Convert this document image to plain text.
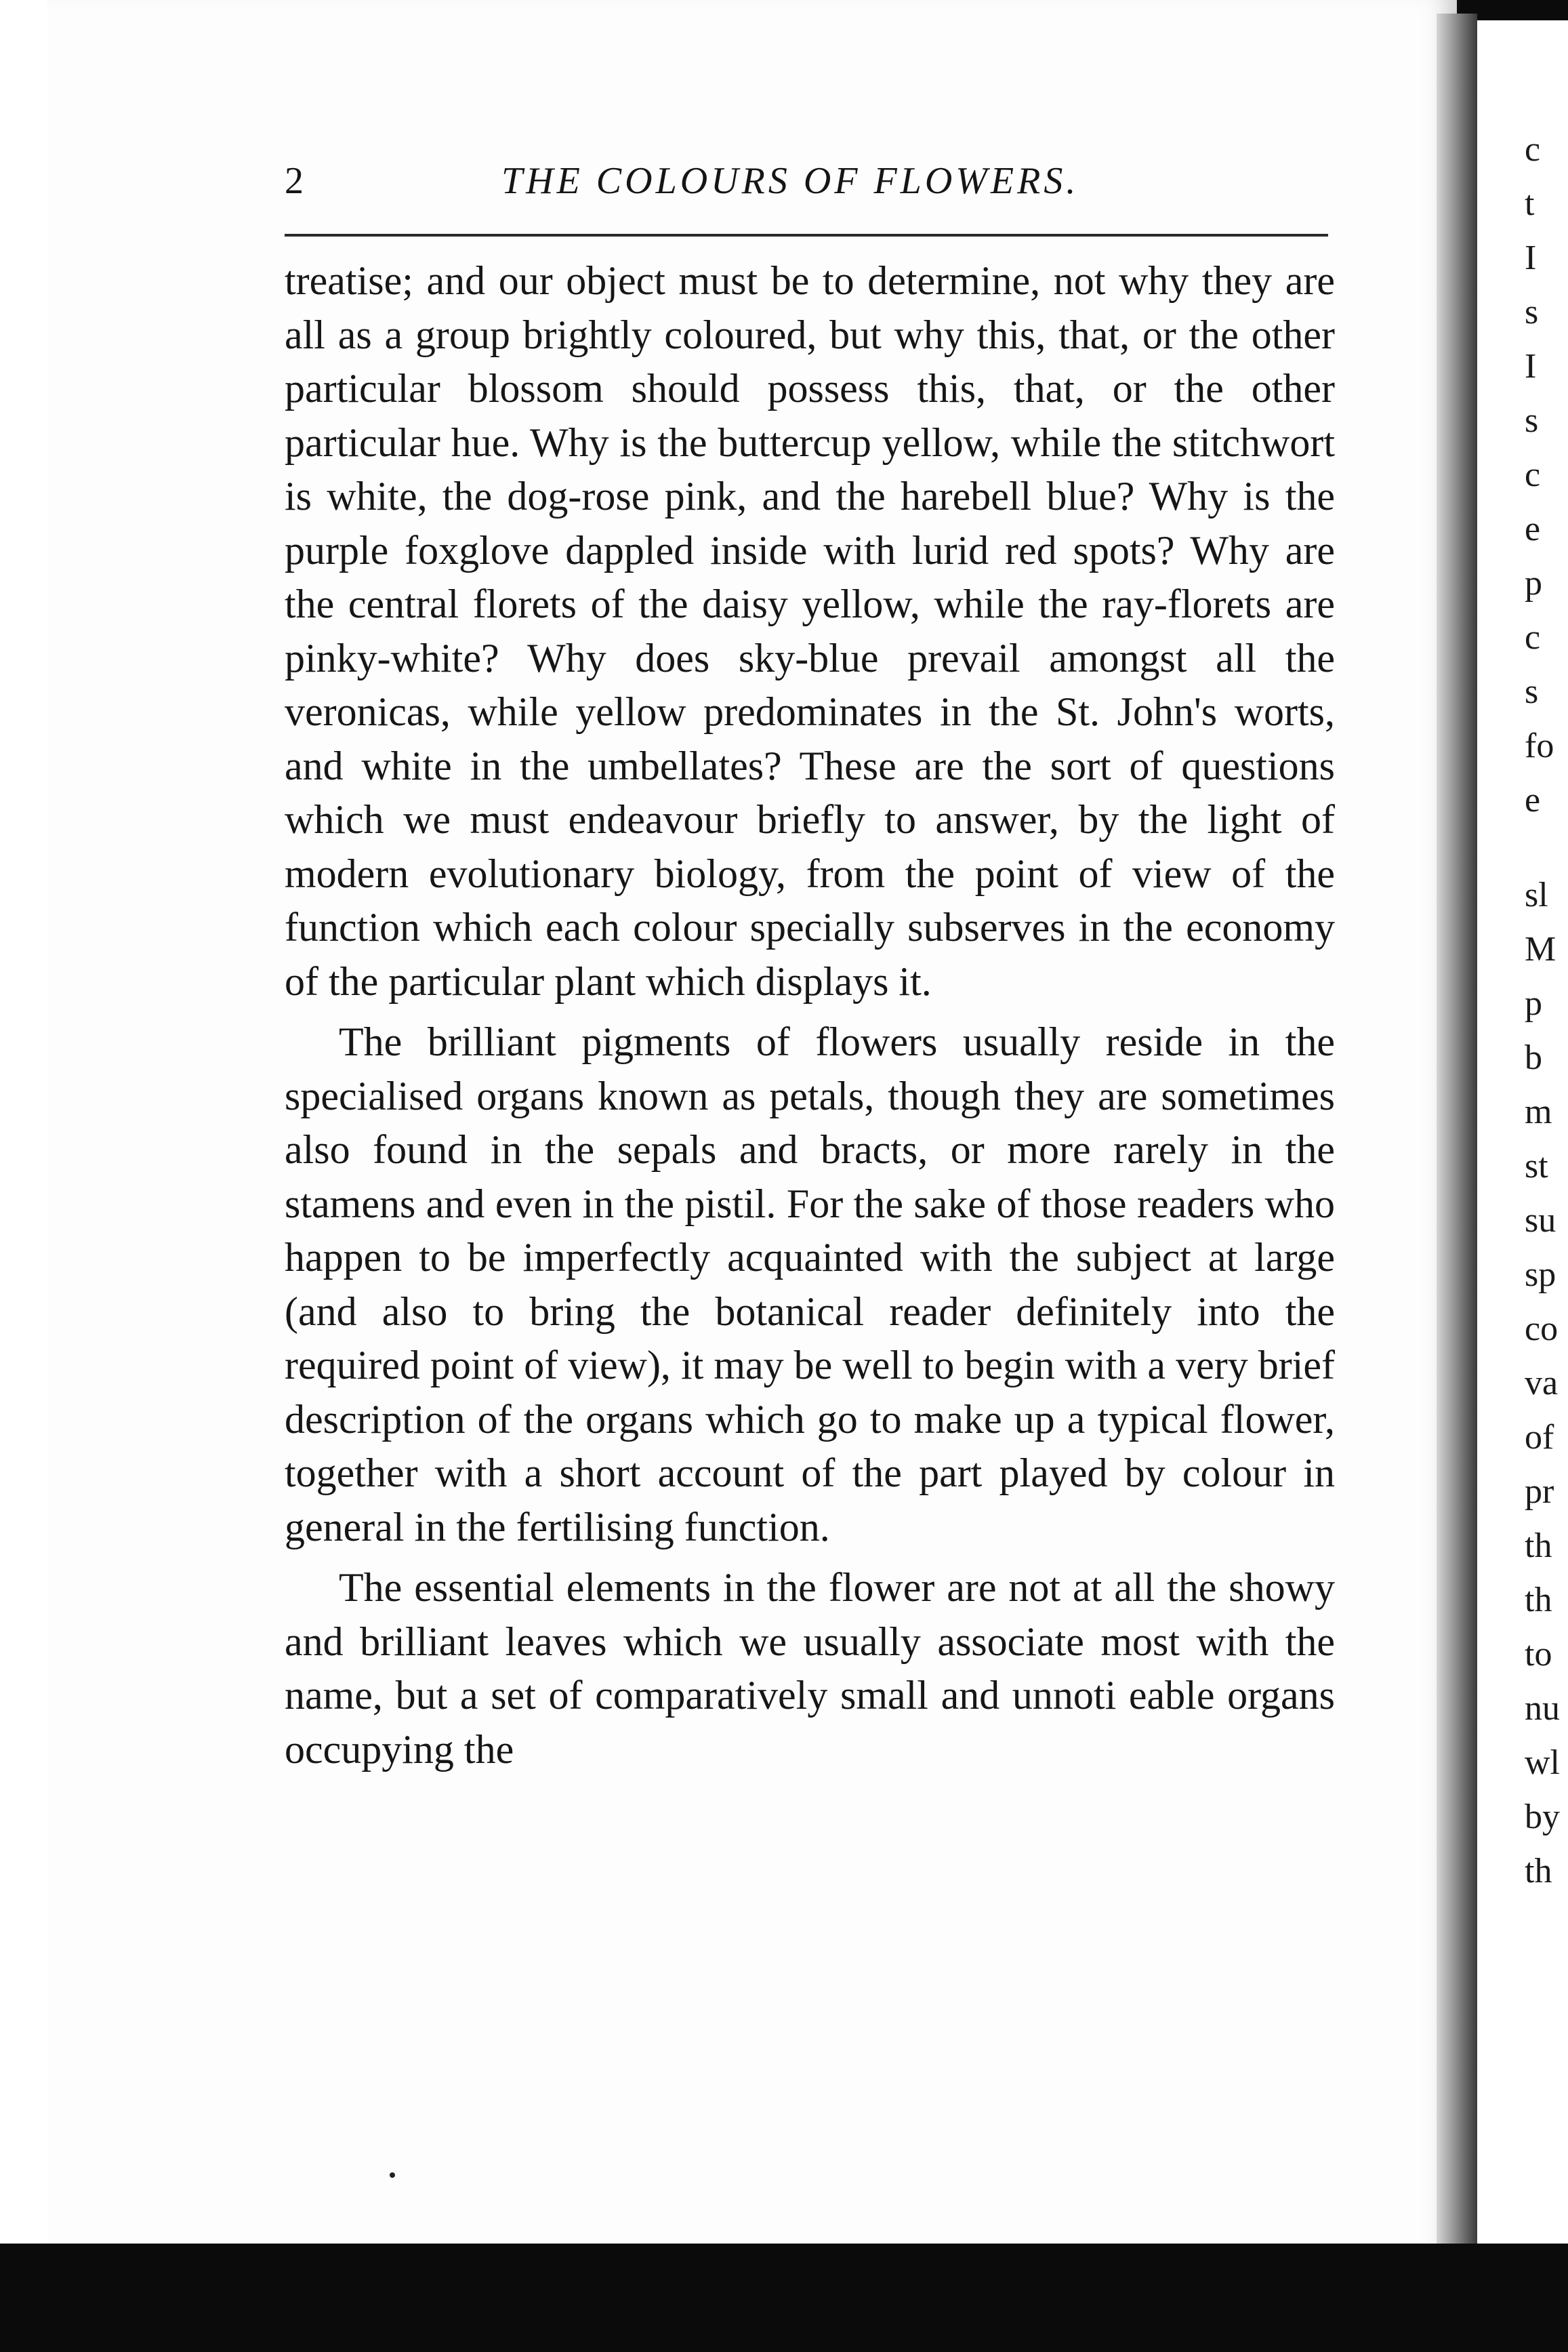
c
t
I
s
I
s
c
e
p
c
s
fo
e
sl
M
p
b
m
st
su
sp
co
va
of
pr
th
th
to
nu
wl
by
th
2	THE COLOURS OF FLOWERS.

treatise; and our object must be to determine, not why they are all as a group brightly coloured, but why this, that, or the other particular blossom should possess this, that, or the other particular hue. Why is the buttercup yellow, while the stitchwort is white, the dog-rose pink, and the harebell blue? Why is the purple foxglove dappled inside with lurid red spots? Why are the central florets of the daisy yellow, while the ray-florets are pinky-white? Why does sky-blue prevail amongst all the veronicas, while yellow predominates in the St. John's worts, and white in the umbellates? These are the sort of questions which we must endeavour briefly to answer, by the light of modern evolutionary biology, from the point of view of the function which each colour specially subserves in the economy of the particular plant which displays it.

The brilliant pigments of flowers usually reside in the specialised organs known as petals, though they are sometimes also found in the sepals and bracts, or more rarely in the stamens and even in the pistil. For the sake of those readers who happen to be imperfectly acquainted with the subject at large (and also to bring the botanical reader definitely into the required point of view), it may be well to begin with a very brief description of the organs which go to make up a typical flower, together with a short account of the part played by colour in general in the fertilising function.

The essential elements in the flower are not at all the showy and brilliant leaves which we usually associate most with the name, but a set of comparatively small and unnoti eable organs occupying the
